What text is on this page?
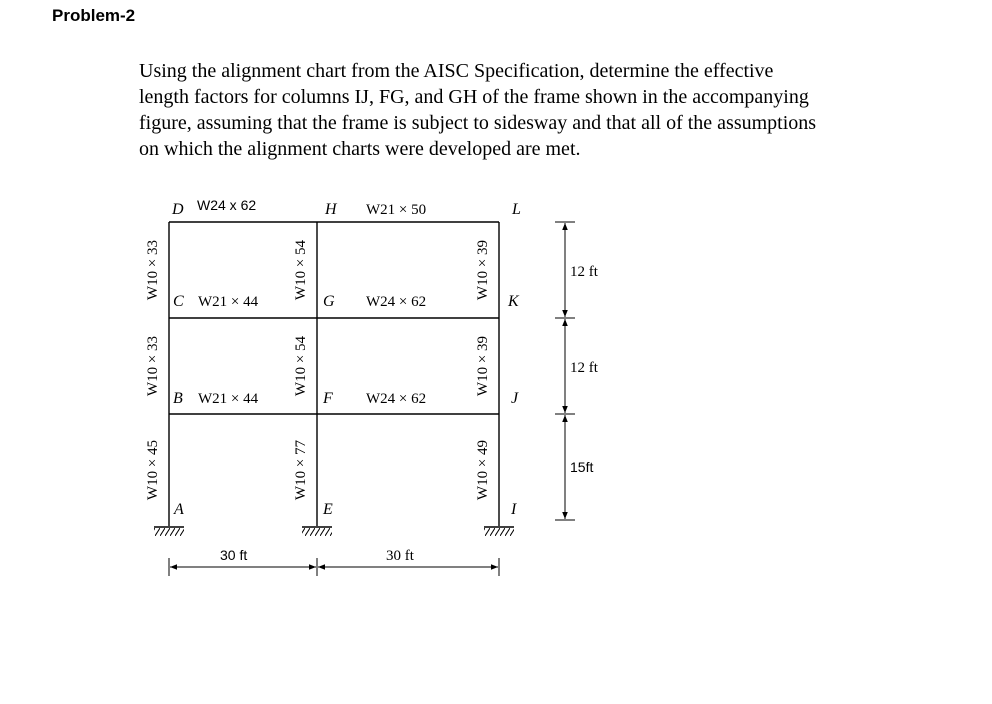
Problem-2
Using the alignment chart from the AISC Specification, determine the effective
length factors for columns IJ, FG, and GH of the frame shown in the accompanying
figure, assuming that the frame is subject to sidesway and that all of the assumptions
on which the alignment charts were developed are met.
D
C
B
A
H
G
F
E
L
K
J
I
W24 x 62
W21 × 44
W21 × 44
W21 × 50
W24 × 62
W24 × 62
W10 × 33
W10 × 33
W10 × 45
W10 × 54
W10 × 54
W10 × 77
W10 × 39
W10 × 39
W10 × 49
30 ft	30 ft
12 ft
12 ft
15ft
